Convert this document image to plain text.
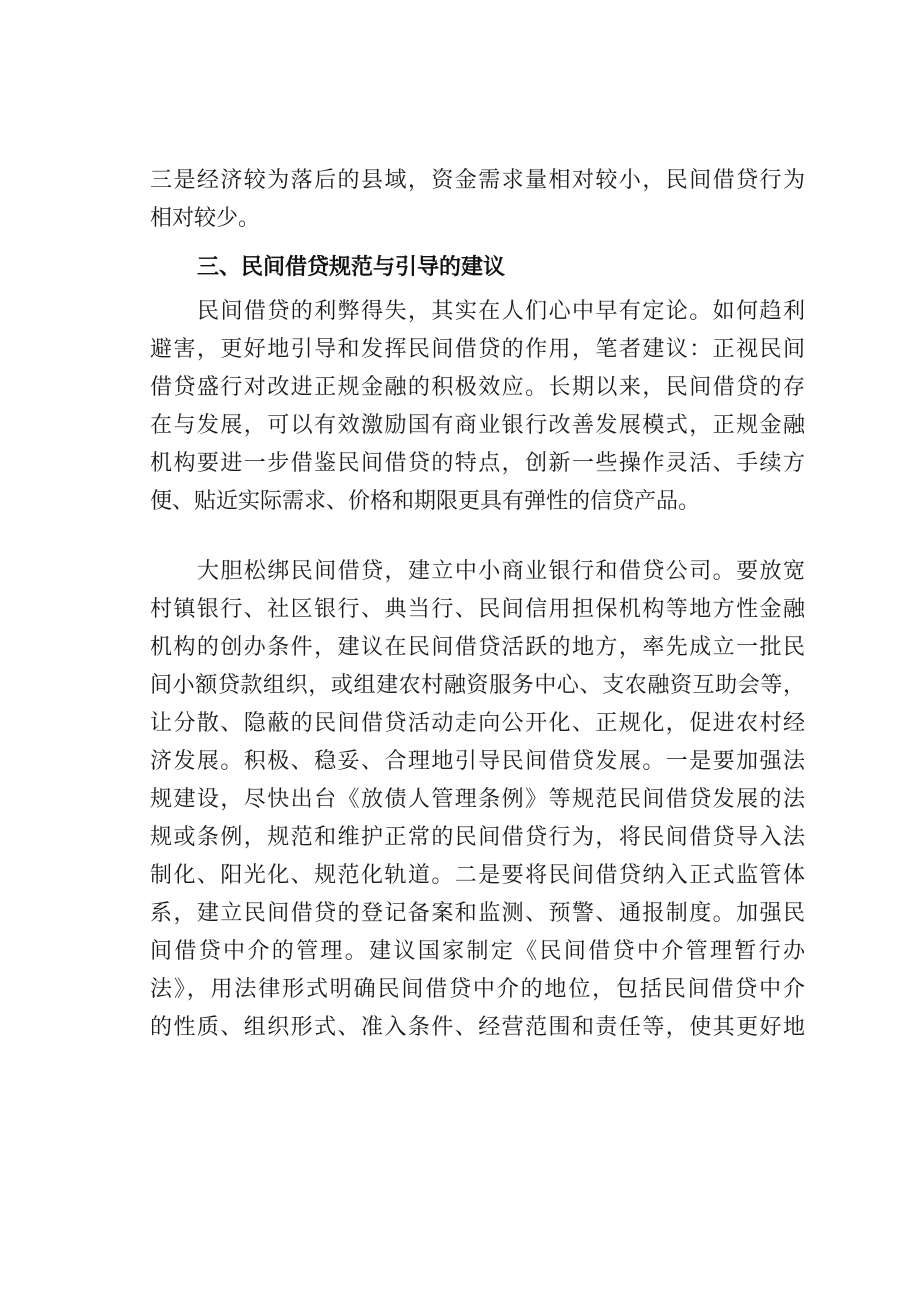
三是经济较为落后的县域，资金需求量相对较小，民间借贷行为
相对较少。
三、民间借贷规范与引导的建议
民间借贷的利弊得失，其实在人们心中早有定论。如何趋利
避害，更好地引导和发挥民间借贷的作用，笔者建议：正视民间
借贷盛行对改进正规金融的积极效应。长期以来，民间借贷的存
在与发展，可以有效激励国有商业银行改善发展模式，正规金融
机构要进一步借鉴民间借贷的特点，创新一些操作灵活、手续方
便、贴近实际需求、价格和期限更具有弹性的信贷产品。
大胆松绑民间借贷，建立中小商业银行和借贷公司。要放宽
村镇银行、社区银行、典当行、民间信用担保机构等地方性金融
机构的创办条件，建议在民间借贷活跃的地方，率先成立一批民
间小额贷款组织，或组建农村融资服务中心、支农融资互助会等，
让分散、隐蔽的民间借贷活动走向公开化、正规化，促进农村经
济发展。积极、稳妥、合理地引导民间借贷发展。一是要加强法
规建设，尽快出台《放债人管理条例》等规范民间借贷发展的法
规或条例，规范和维护正常的民间借贷行为，将民间借贷导入法
制化、阳光化、规范化轨道。二是要将民间借贷纳入正式监管体
系，建立民间借贷的登记备案和监测、预警、通报制度。加强民
间借贷中介的管理。建议国家制定《民间借贷中介管理暂行办
法》，用法律形式明确民间借贷中介的地位，包括民间借贷中介
的性质、组织形式、准入条件、经营范围和责任等，使其更好地
